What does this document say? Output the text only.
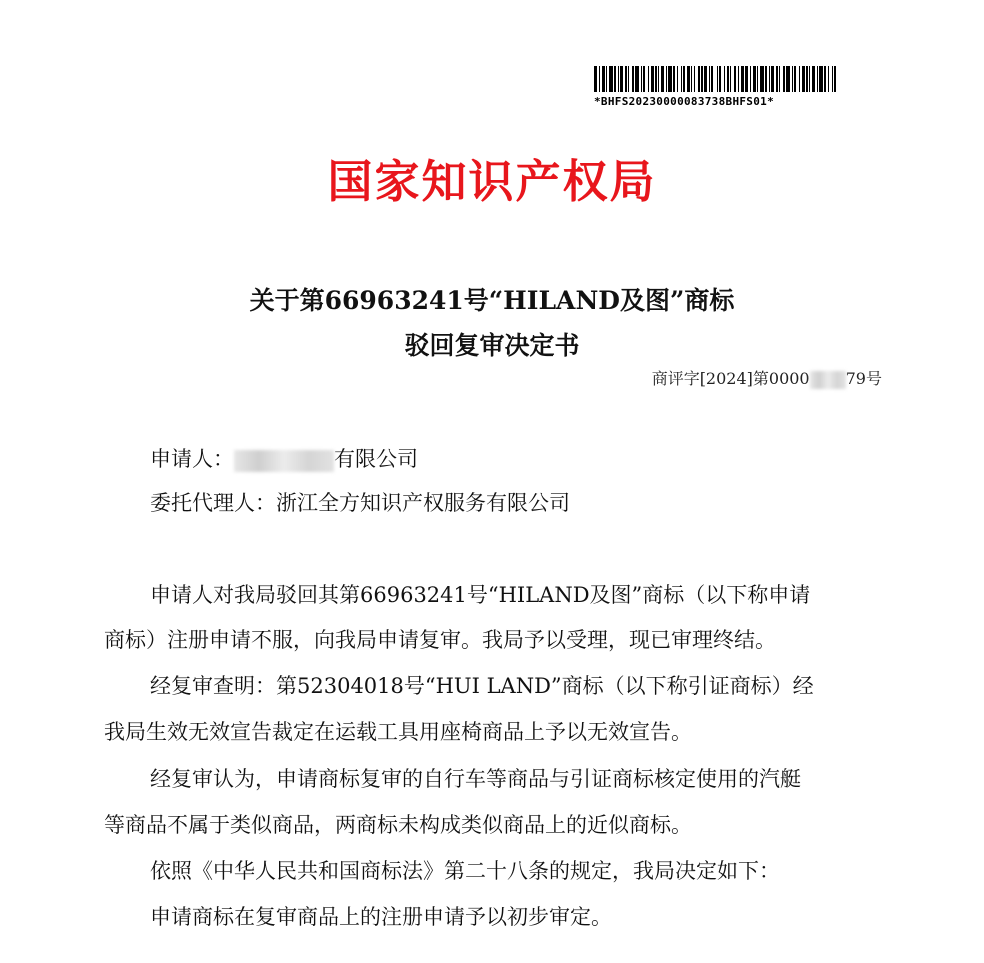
*BHFS20230000083738BHFS01*
国家知识产权局
关于第66963241号“HILAND及图”商标
驳回复审决定书
商评字[2024]第0000 79号
申请人：	有限公司
委托代理人：浙江全方知识产权服务有限公司
申请人对我局驳回其第66963241号“HILAND及图”商标（以下称申请
商标）注册申请不服，向我局申请复审。我局予以受理，现已审理终结。
经复审查明：第52304018号“HUI LAND”商标（以下称引证商标）经
我局生效无效宣告裁定在运载工具用座椅商品上予以无效宣告。
经复审认为，申请商标复审的自行车等商品与引证商标核定使用的汽艇
等商品不属于类似商品，两商标未构成类似商品上的近似商标。
依照《中华人民共和国商标法》第二十八条的规定，我局决定如下：
申请商标在复审商品上的注册申请予以初步审定。
